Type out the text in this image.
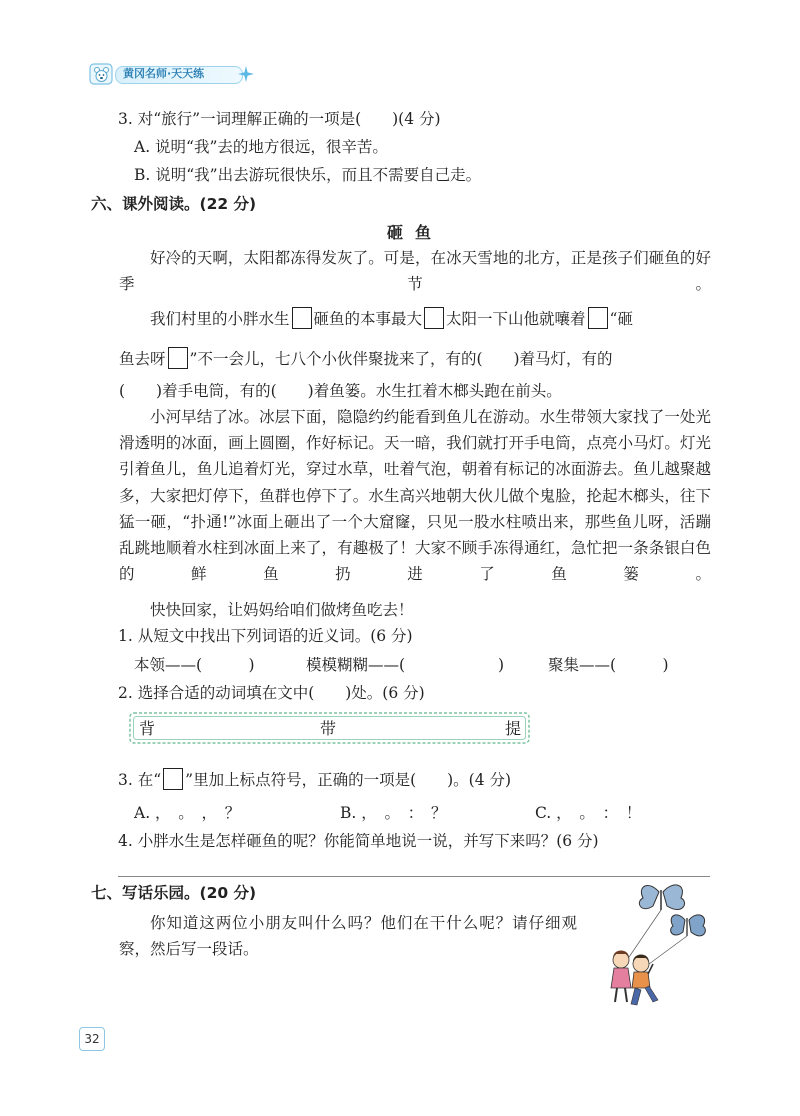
黄冈名师·天天练
3. 对“旅行”一词理解正确的一项是(　　)(4 分)
A. 说明“我”去的地方很远，很辛苦。
B. 说明“我”出去游玩很快乐，而且不需要自己走。
六、课外阅读。(22 分)
砸鱼
好冷的天啊，太阳都冻得发灰了。可是，在冰天雪地的北方，正是孩子们砸鱼的好季节。
我们村里的小胖水生 砸鱼的本事最大 太阳一下山他就嚷着 “砸
鱼去呀 ”不一会儿，七八个小伙伴聚拢来了，有的(　　)着马灯，有的
(　　)着手电筒，有的(　　)着鱼篓。水生扛着木榔头跑在前头。
小河早结了冰。冰层下面，隐隐约约能看到鱼儿在游动。水生带领大家找了一处光滑透明的冰面，画上圆圈，作好标记。天一暗，我们就打开手电筒，点亮小马灯。灯光引着鱼儿，鱼儿追着灯光，穿过水草，吐着气泡，朝着有标记的冰面游去。鱼儿越聚越多，大家把灯停下，鱼群也停下了。水生高兴地朝大伙儿做个鬼脸，抡起木榔头，往下猛一砸，“扑通!”冰面上砸出了一个大窟窿，只见一股水柱喷出来，那些鱼儿呀，活蹦乱跳地顺着水柱到冰面上来了，有趣极了！大家不顾手冻得通红，急忙把一条条银白色的鲜鱼扔进了鱼篓。
快快回家，让妈妈给咱们做烤鱼吃去！
1. 从短文中找出下列词语的近义词。(6 分)
本领——(　　　)	模模糊糊——(　　　　　　)	聚集——(　　　)
2. 选择合适的动词填在文中(　　)处。(6 分)
背	带	提
3. 在“ ”里加上标点符号，正确的一项是(　　)。(4 分)
A. ，　。　，　？	B. ，　。　：　？	C. ，　。　：　！
4. 小胖水生是怎样砸鱼的呢？你能简单地说一说，并写下来吗？(6 分)
七、写话乐园。(20 分)
你知道这两位小朋友叫什么吗？他们在干什么呢？请仔细观察，然后写一段话。
32
